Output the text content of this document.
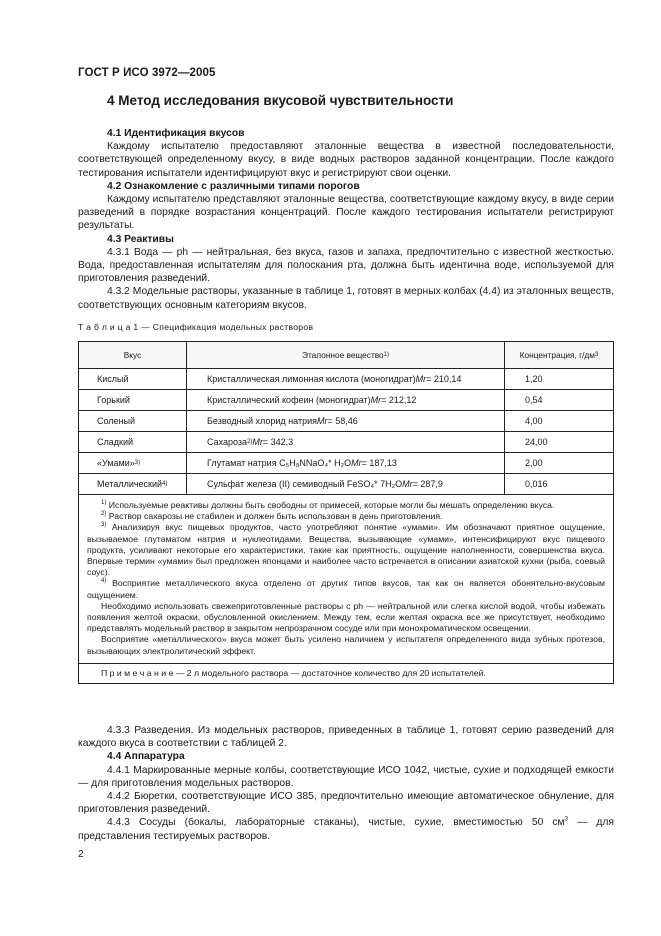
ГОСТ Р ИСО 3972—2005
4 Метод исследования вкусовой чувствительности

4.1 Идентификация вкусов

Каждому испытателю предоставляют эталонные вещества в известной последовательности, соответствующей определенному вкусу, в виде водных растворов заданной концентрации. После каждого тестирования испытатели идентифицируют вкус и регистрируют свои оценки.

4.2 Ознакомление с различными типами порогов

Каждому испытателю представляют эталонные вещества, соответствующие каждому вкусу, в виде серии разведений в порядке возрастания концентраций. После каждого тестирования испытатели регистрируют результаты.

4.3 Реактивы

4.3.1 Вода — ph — нейтральная, без вкуса, газов и запаха, предпочтительно с известной жесткостью. Вода, предоставленная испытателям для полоскания рта, должна быть идентична воде, используемой для приготовления разведений.

4.3.2 Модельные растворы, указанные в таблице 1, готовят в мерных колбах (4.4) из эталонных веществ, соответствующих основным категориям вкусов.

Т а б л и ц а 1 — Спецификация модельных растворов
Вкус	Эталонное вещество 1)	Концентрация, г/дм 3
Кислый	Кристаллическая лимонная кислота (моногидрат) Mr = 210,14	1,20
Горький	Кристаллический кофеин (моногидрат) Mr = 212,12	0,54
Соленый	Безводный хлорид натрия Mr = 58,46	4,00
Сладкий	Сахароза 2) Mr = 342,3	24,00
«Умами» 3)	Глутамат натрия C₅H₈NNaO₄* H₂O Mr = 187,13	2,00
Металлический 4)	Сульфат железа (II) семиводный FeSO₄* 7H₂O Mr = 287,9	0,016

$^{1)}$ Используемые реактивы должны быть свободны от примесей, которые могли бы мешать определению вкуса.

$^{2)}$ Раствор сахарозы не стабилен и должен быть использован в день приготовления.

$^{3)}$ Анализируя вкус пищевых продуктов, часто употребляют понятие «умами». Им обозначают приятное ощущение, вызываемое глутаматом натрия и нуклеотидами. Вещества, вызывающие «умами», интенсифицируют вкус пищевого продукта, усиливают некоторые его характеристики, такие как приятность, ощущение наполненности, совершенства вкуса. Впервые термин «умами» был предложен японцами и наиболее часто встречается в описании азиатской кухни (рыба, соевый соус).

$^{4)}$ Восприятие металлического вкуса отделено от других типов вкусов, так как он является обонятельно-вкусовым ощущением.

Необходимо использовать свежеприготовленные растворы с ph — нейтральной или слегка кислой водой, чтобы избежать появления желтой окраски, обусловленной окислением. Между тем, если желтая окраска все же присутствует, необходимо представлять модельный раствор в закрытом непрозрачном сосуде или при монохроматическом освещении.

Восприятие «металлического» вкуса может быть усилено наличием у испытателя определенного вида зубных протезов, вызывающих электролитический эффект.

П р и м е ч а н и е — 2 л модельного раствора — достаточное количество для 20 испытателей.

4.3.3 Разведения. Из модельных растворов, приведенных в таблице 1, готовят серию разведений для каждого вкуса в соответствии с таблицей 2.

4.4 Аппаратура

4.4.1 Маркированные мерные колбы, соответствующие ИСО 1042, чистые, сухие и подходящей емкости — для приготовления модельных растворов.

4.4.2 Бюретки, соответствующие ИСО 385, предпочтительно имеющие автоматическое обнуление, для приготовления разведений.

4.4.3 Сосуды (бокалы, лабораторные стаканы), чистые, сухие, вместимостью 50 $см^3$ — для представления тестируемых растворов.

2
